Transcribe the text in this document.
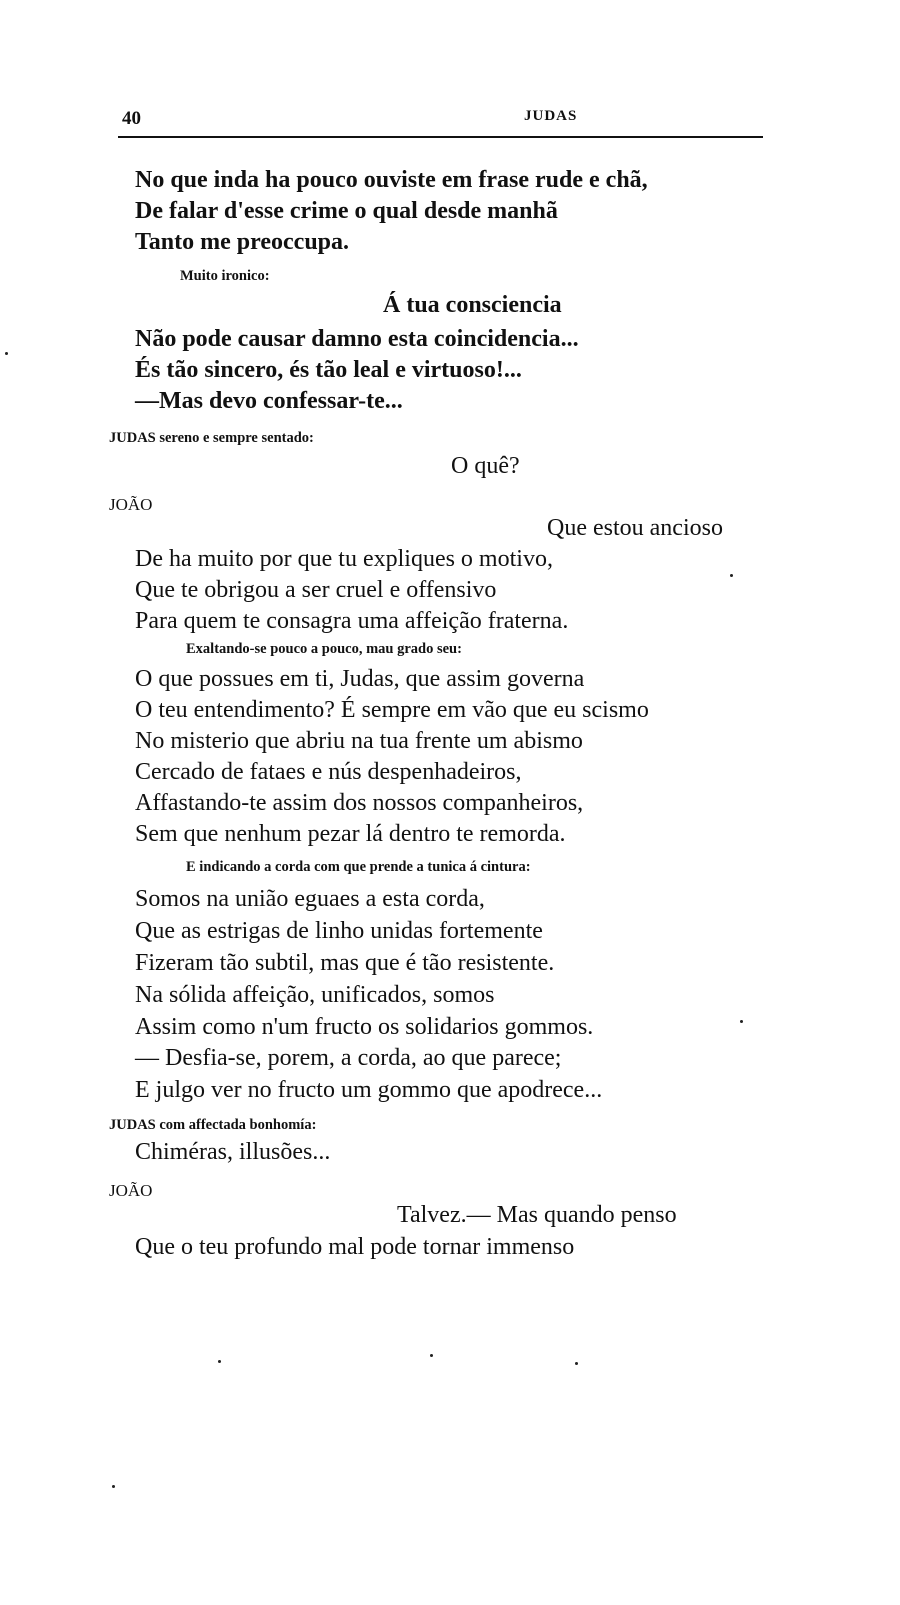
40	JUDAS
No que inda ha pouco ouviste em frase rude e chã,
De falar d'esse crime o qual desde manhã
Tanto me preoccupa.
Muito ironico:
Á tua consciencia
Não pode causar damno esta coincidencia...
És tão sincero, és tão leal e virtuoso!...
—Mas devo confessar-te...
JUDAS sereno e sempre sentado:
O quê?
JOÃO
Que estou ancioso
De ha muito por que tu expliques o motivo,
Que te obrigou a ser cruel e offensivo
Para quem te consagra uma affeição fraterna.
Exaltando-se pouco a pouco, mau grado seu:
O que possues em ti, Judas, que assim governa
O teu entendimento? É sempre em vão que eu scismo
No misterio que abriu na tua frente um abismo
Cercado de fataes e nús despenhadeiros,
Affastando-te assim dos nossos companheiros,
Sem que nenhum pezar lá dentro te remorda.
E indicando a corda com que prende a tunica á cintura:
Somos na união eguaes a esta corda,
Que as estrigas de linho unidas fortemente
Fizeram tão subtil, mas que é tão resistente.
Na sólida affeição, unificados, somos
Assim como n'um fructo os solidarios gommos.
— Desfia-se, porem, a corda, ao que parece;
E julgo ver no fructo um gommo que apodrece...
JUDAS com affectada bonhomía:
Chiméras, illusões...
JOÃO
Talvez.— Mas quando penso
Que o teu profundo mal pode tornar immenso
